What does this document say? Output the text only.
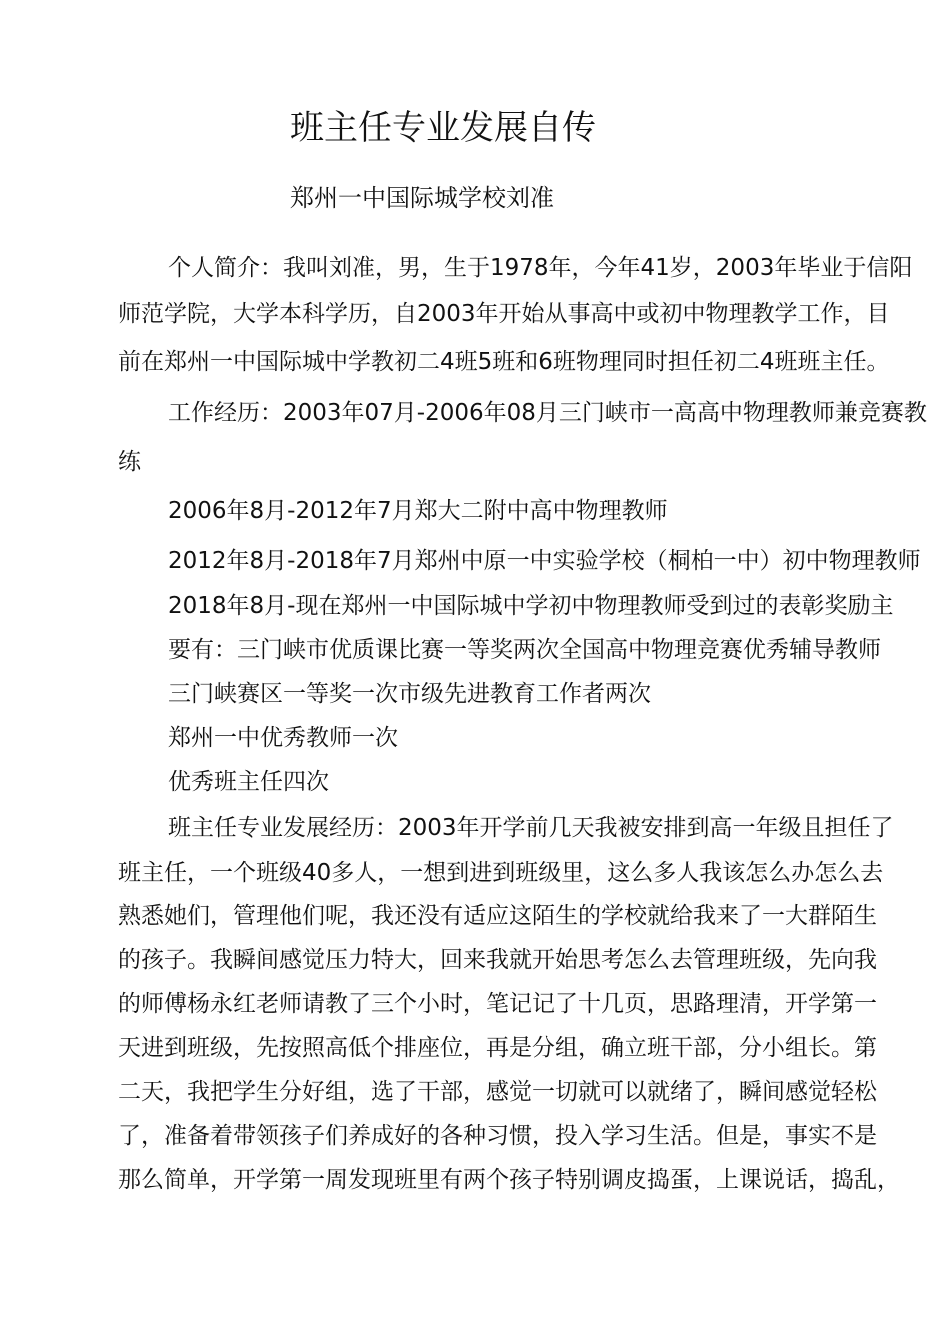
班主任专业发展自传
郑州一中国际城学校刘准
个人简介：我叫刘准，男，生于1978年，今年41岁，2003年毕业于信阳
师范学院，大学本科学历，自2003年开始从事高中或初中物理教学工作，目
前在郑州一中国际城中学教初二4班5班和6班物理同时担任初二4班班主任。
工作经历：2003年07月-2006年08月三门峡市一高高中物理教师兼竞赛教
练
2006年8月-2012年7月郑大二附中高中物理教师
2012年8月-2018年7月郑州中原一中实验学校（桐柏一中）初中物理教师
2018年8月-现在郑州一中国际城中学初中物理教师受到过的表彰奖励主
要有：三门峡市优质课比赛一等奖两次全国高中物理竞赛优秀辅导教师
三门峡赛区一等奖一次市级先进教育工作者两次
郑州一中优秀教师一次
优秀班主任四次
班主任专业发展经历：2003年开学前几天我被安排到高一年级且担任了
班主任，一个班级40多人，一想到进到班级里，这么多人我该怎么办怎么去
熟悉她们，管理他们呢，我还没有适应这陌生的学校就给我来了一大群陌生
的孩子。我瞬间感觉压力特大，回来我就开始思考怎么去管理班级，先向我
的师傅杨永红老师请教了三个小时，笔记记了十几页，思路理清，开学第一
天进到班级，先按照高低个排座位，再是分组，确立班干部，分小组长。第
二天，我把学生分好组，选了干部，感觉一切就可以就绪了，瞬间感觉轻松
了，准备着带领孩子们养成好的各种习惯，投入学习生活。但是，事实不是
那么简单，开学第一周发现班里有两个孩子特别调皮捣蛋，上课说话，捣乱，
